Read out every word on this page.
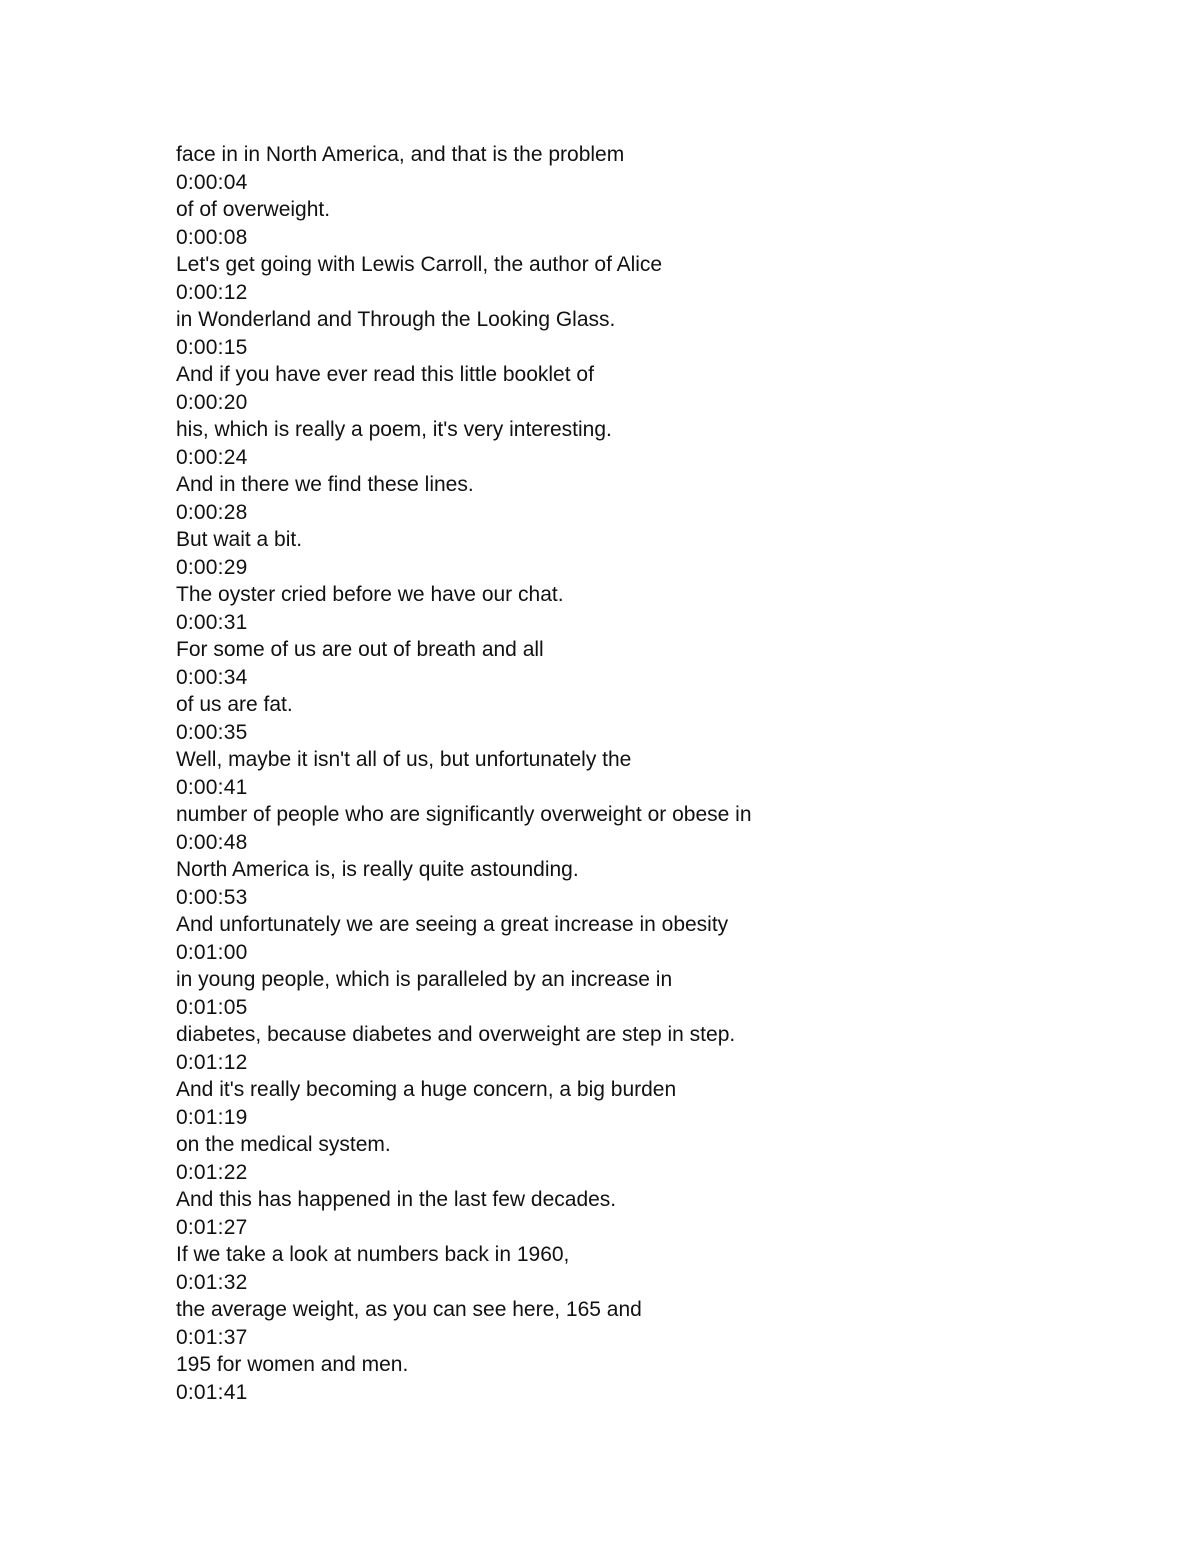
face in in North America, and that is the problem
0:00:04
of of overweight.
0:00:08
Let's get going with Lewis Carroll, the author of Alice
0:00:12
in Wonderland and Through the Looking Glass.
0:00:15
And if you have ever read this little booklet of
0:00:20
his, which is really a poem, it's very interesting.
0:00:24
And in there we find these lines.
0:00:28
But wait a bit.
0:00:29
The oyster cried before we have our chat.
0:00:31
For some of us are out of breath and all
0:00:34
of us are fat.
0:00:35
Well, maybe it isn't all of us, but unfortunately the
0:00:41
number of people who are significantly overweight or obese in
0:00:48
North America is, is really quite astounding.
0:00:53
And unfortunately we are seeing a great increase in obesity
0:01:00
in young people, which is paralleled by an increase in
0:01:05
diabetes, because diabetes and overweight are step in step.
0:01:12
And it's really becoming a huge concern, a big burden
0:01:19
on the medical system.
0:01:22
And this has happened in the last few decades.
0:01:27
If we take a look at numbers back in 1960,
0:01:32
the average weight, as you can see here, 165 and
0:01:37
195 for women and men.
0:01:41
